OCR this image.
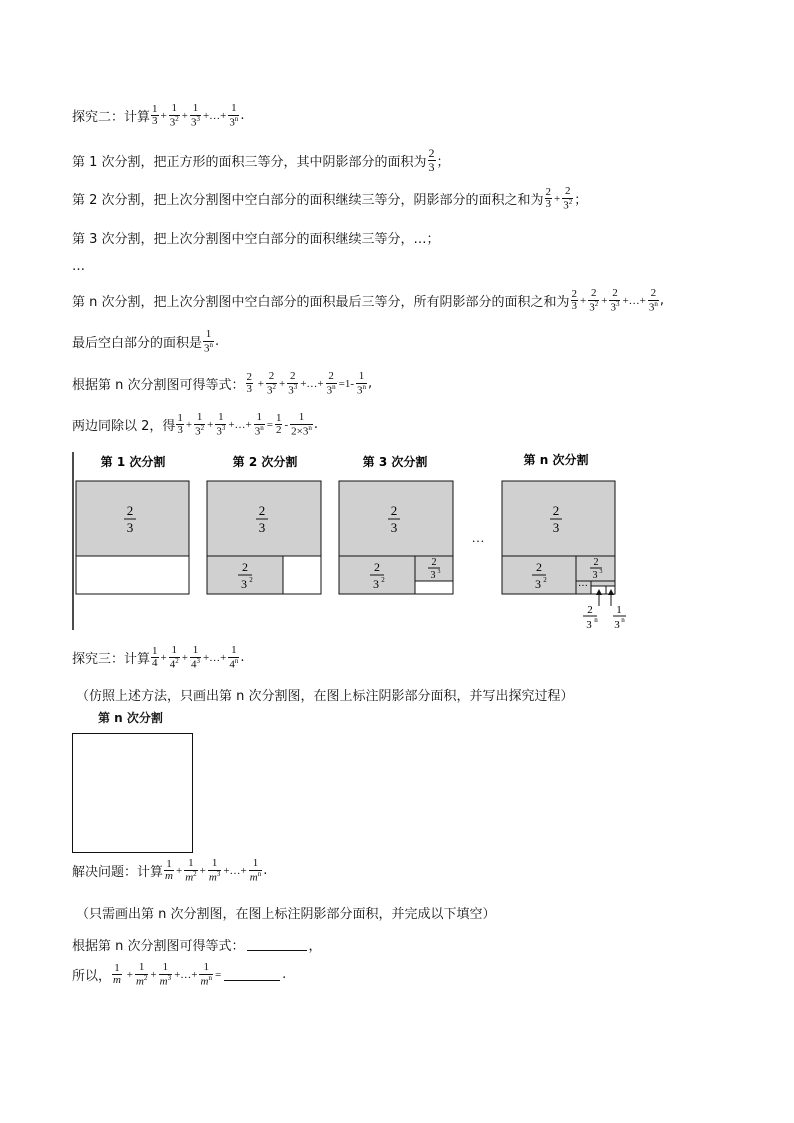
探究二：计算 $\frac{1}{3} + \frac{1}{3^2} + \frac{1}{3^3}$ +…+ $\frac{1}{3^n}$ .
第 1 次分割，把正方形的面积三等分，其中阴影部分的面积为 $\frac{2}{3}$ ；
第 2 次分割，把上次分割图中空白部分的面积继续三等分，阴影部分的面积之和为 $\frac{2}{3} + \frac{2}{3^2}$ ；
第 3 次分割，把上次分割图中空白部分的面积继续三等分，…；
…
第 n 次分割，把上次分割图中空白部分的面积最后三等分，所有阴影部分的面积之和为 $\frac{2}{3} + \frac{2}{3^2} + \frac{2}{3^3}$ +…+ $\frac{2}{3^n}$ ,
最后空白部分的面积是 $\frac{1}{3^n}$ .
根据第 n 次分割图可得等式： $\frac{2}{3} + \frac{2}{3^2} + \frac{2}{3^3}$ +…+ $\frac{2}{3^n} =1- \frac{1}{3^n}$ ,
两边同除以 2，得 $\frac{1}{3} + \frac{1}{3^2} + \frac{1}{3^3}$ +…+ $\frac{1}{3^n} = \frac{1}{2} - \frac{1}{2\times 3^n}$ .
第 1 次分割	第 2 次分割	第 3 次分割	第 n 次分割
2
3
2
3
2
3 2
2
3
2
3 2
2
3 3
…
2
3
2
3 2
2
3 3
…
2
3 n
1
3 n
探究三：计算 $\frac{1}{4} + \frac{1}{4^2} + \frac{1}{4^3}$ +…+ $\frac{1}{4^n}$ .
（仿照上述方法，只画出第 n 次分割图，在图上标注阴影部分面积，并写出探究过程）
第 n 次分割
解决问题：计算 $\frac{1}{m} + \frac{1}{m^2} + \frac{1}{m^3}$ +…+ $\frac{1}{m^n}$ .
（只需画出第 n 次分割图，在图上标注阴影部分面积，并完成以下填空）
根据第 n 次分割图可得等式：	，
所以， $\frac{1}{m} + \frac{1}{m^2} + \frac{1}{m^3}$ +…+ $\frac{1}{m^n}$ =	.
